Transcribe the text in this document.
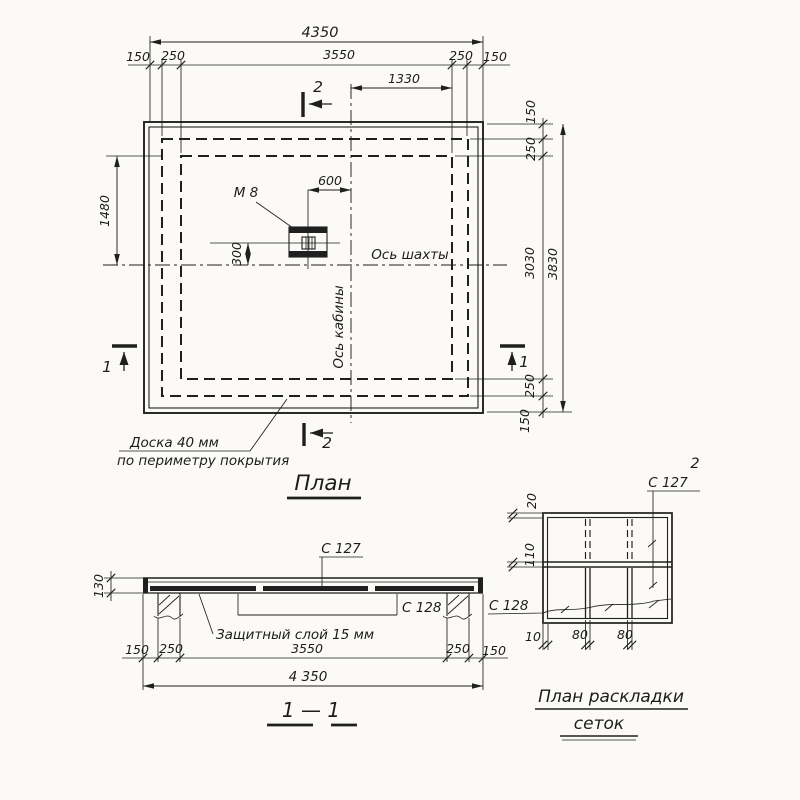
Ось шахты
Ось кабины
М 8
600
300
1480
4350
150 250	3550	250 150
1330
150
250
3030
250
150
3830
2
2
1	1
Доска 40 мм
по периметру покрытия
План
С 127
С 128
Защитный слой 15 мм
130
150 250	3550	250 150
4 350
1 — 1
2
С 127
С 128
20
110
10 80 80
План раскладки
сеток
